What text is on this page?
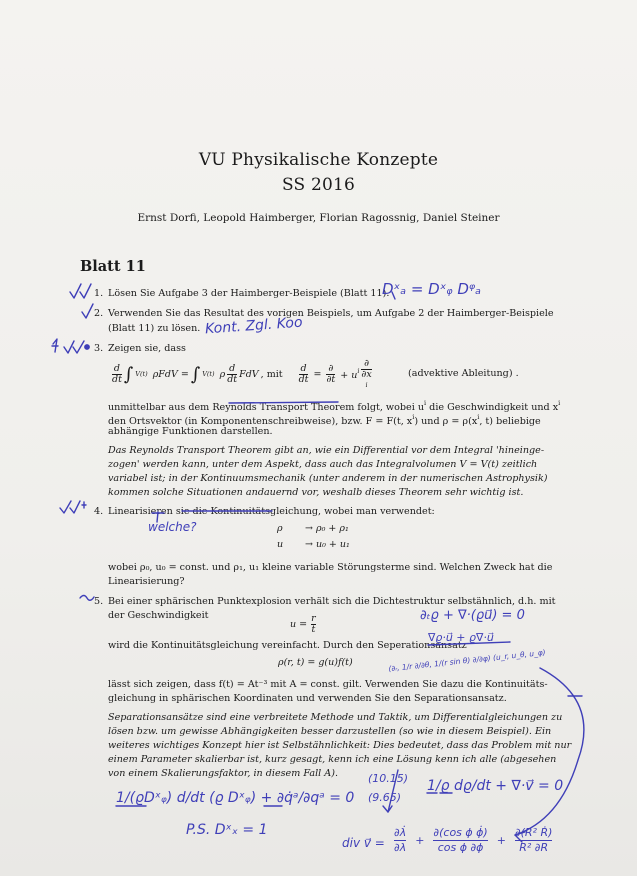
VU Physikalische Konzepte
SS 2016
Ernst Dorfi, Leopold Haimberger, Florian Ragossnig, Daniel Steiner
Blatt 11
1. Lösen Sie Aufgabe 3 der Haimberger-Beispiele (Blatt 11).
Dˣₐ = Dˣᵩ Dᵠₐ
2. Verwenden Sie das Resultat des vorigen Beispiels, um Aufgabe 2 der Haimberger-Beispiele
(Blatt 11) zu lösen. Kont. Zgl. Koo
3. Zeigen sie, dass
$\frac{d}{dt}$ ∫ V(t) ρFdV = ∫ V(t) ρ $\frac{d}{dt}$ FdV , mit $\frac{d}{dt} = \frac{\partial}{\partial t} + u^i$ ∂
∂x
i	(advektive Ableitung) .
unmittelbar aus dem Reynolds Transport Theorem folgt, wobei $u^i$ die Geschwindigkeit und $x^i$
den Ortsvektor (in Komponentenschreibweise), bzw. F = F(t, $x^i$) und $\rho = \rho(x^i$, t) beliebige
abhängige Funktionen darstellen.
Das Reynolds Transport Theorem gibt an, wie ein Differential vor dem Integral 'hineinge-
zogen' werden kann, unter dem Aspekt, dass auch das Integralvolumen V = V(t) zeitlich
variabel ist; in der Kontinuumsmechanik (unter anderem in der numerischen Astrophysik)
kommen solche Situationen andauernd vor, weshalb dieses Theorem sehr wichtig ist.
4. Linearisieren sie die Kontinuitätsgleichung, wobei man verwendet:
welche?	ρ → ρ₀ + ρ₁
u → u₀ + u₁
wobei ρ₀, u₀ = const. und ρ₁, u₁ kleine variable Störungsterme sind. Welchen Zweck hat die
Linearisierung?
5. Bei einer sphärischen Punktexplosion verhält sich die Dichtestruktur selbstähnlich, d.h. mit
der Geschwindigkeit
$u = \frac{r}{t}$
wird die Kontinuitätsgleichung vereinfacht. Durch den Seperationsansatz
ρ(r, t) = g(u)f(t)
lässt sich zeigen, dass f(t) = At⁻³ mit A = const. gilt. Verwenden Sie dazu die Kontinuitäts-
gleichung in sphärischen Koordinaten und verwenden Sie den Separationsansatz.
Separationsansätze sind eine verbreitete Methode und Taktik, um Differentialgleichungen zu
lösen bzw. um gewisse Abhängigkeiten besser darzustellen (so wie in diesem Beispiel). Ein
weiteres wichtiges Konzept hier ist Selbstähnlichkeit: Dies bedeutet, dass das Problem mit nur
einem Parameter skalierbar ist, kurz gesagt, kenn ich eine Lösung kenn ich alle (abgesehen
von einem Skalierungsfaktor, in diesem Fall A).
∂ₜϱ + ∇·(ϱu⃗) = 0
∇ϱ·u⃗ + ϱ∇·u⃗
(∂ᵣ, 1/r ∂/∂θ, 1/(r sin θ) ∂/∂φ) (u_r, u_θ, u_φ)
(10.15)
(9.65)
1/ϱ dϱ/dt + ∇·v⃗ = 0
1/(ϱDˣᵩ) d/dt (ϱ Dˣᵩ) + ∂q̇ᵃ/∂qᵃ = 0
P.S. Dˣₓ = 1
div v⃗ = $\frac{\partial\lambdȧ}{\partial\lambda} + \frac{\text{∂(cos ϕ ϕ̇)}}{\text{cos ϕ ∂ϕ}} + \frac{\text{∂(R² Ṙ)}}{\text{R² ∂R}}$
